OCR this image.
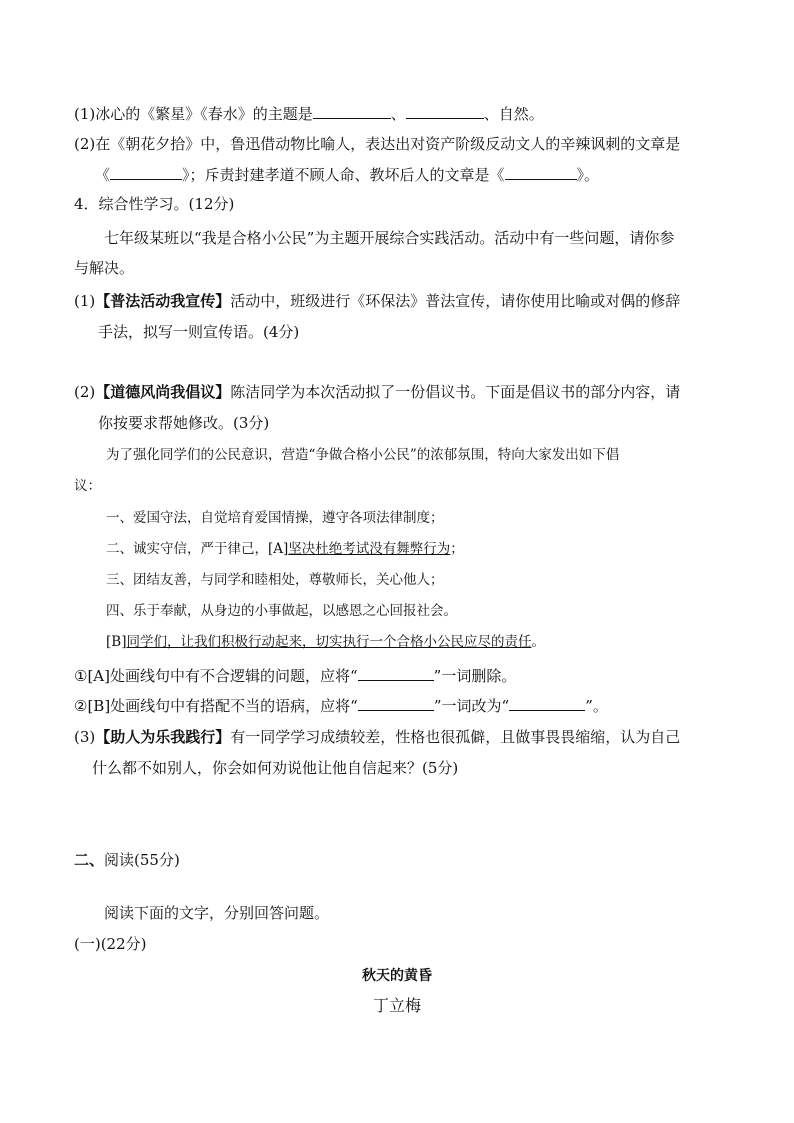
(1)冰心的《繁星》《春水》的主题是	、	、自然。
(2)在《朝花夕拾》中，鲁迅借动物比喻人，表达出对资产阶级反动文人的辛辣讽刺的文章是
《	》；斥责封建孝道不顾人命、教坏后人的文章是《	》。
4．综合性学习。(12分)
七年级某班以“我是合格小公民”为主题开展综合实践活动。活动中有一些问题，请你参
与解决。
(1)【普法活动我宣传】活动中，班级进行《环保法》普法宣传，请你使用比喻或对偶的修辞
手法，拟写一则宣传语。(4分)
(2)【道德风尚我倡议】陈洁同学为本次活动拟了一份倡议书。下面是倡议书的部分内容，请
你按要求帮她修改。(3分)
为了强化同学们的公民意识，营造“争做合格小公民”的浓郁氛围，特向大家发出如下倡
议：
一、爱国守法，自觉培育爱国情操，遵守各项法律制度；
二、诚实守信，严于律己，[A]坚决杜绝考试没有舞弊行为；
三、团结友善，与同学和睦相处，尊敬师长，关心他人；
四、乐于奉献，从身边的小事做起，以感恩之心回报社会。
[B]同学们，让我们积极行动起来，切实执行一个合格小公民应尽的责任。
①[A]处画线句中有不合逻辑的问题，应将“	”一词删除。
②[B]处画线句中有搭配不当的语病，应将“	”一词改为“	”。
(3)【助人为乐我践行】有一同学学习成绩较差，性格也很孤僻，且做事畏畏缩缩，认为自己
什么都不如别人，你会如何劝说他让他自信起来？(5分)
二、阅读(55分)
阅读下面的文字，分别回答问题。
(一)(22分)
秋天的黄昏
丁立梅
